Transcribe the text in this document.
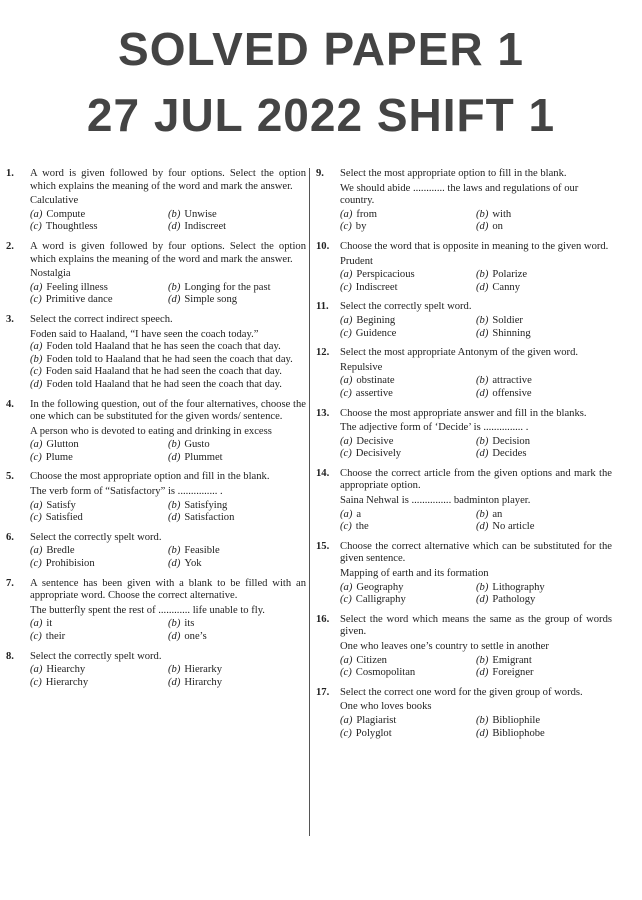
SOLVED PAPER 1
27 JUL 2022 SHIFT 1
1. A word is given followed by four options. Select the option which explains the meaning of the word and mark the answer.
Calculative
(a) Compute	(b) Unwise
(c) Thoughtless	(d) Indiscreet
2. A word is given followed by four options. Select the option which explains the meaning of the word and mark the answer.
Nostalgia
(a) Feeling illness	(b) Longing for the past
(c) Primitive dance	(d) Simple song
3. Select the correct indirect speech.
Foden said to Haaland, “I have seen the coach today.”
(a) Foden told Haaland that he has seen the coach that day.
(b) Foden told to Haaland that he had seen the coach that day.
(c) Foden said Haaland that he had seen the coach that day.
(d) Foden told Haaland that he had seen the coach that day.
4. In the following question, out of the four alternatives, choose the one which can be substituted for the given words/ sentence.
A person who is devoted to eating and drinking in excess
(a) Glutton	(b) Gusto
(c) Plume	(d) Plummet
5. Choose the most appropriate option and fill in the blank.
The verb form of “Satisfactory” is ............... .
(a) Satisfy	(b) Satisfying
(c) Satisfied	(d) Satisfaction
6. Select the correctly spelt word.
(a) Bredle	(b) Feasible
(c) Prohibision	(d) Yok
7. A sentence has been given with a blank to be filled with an appropriate word. Choose the correct alternative.
The butterfly spent the rest of ............ life unable to fly.
(a) it	(b) its
(c) their	(d) one’s
8. Select the correctly spelt word.
(a) Hiearchy	(b) Hierarky
(c) Hierarchy	(d) Hirarchy
9. Select the most appropriate option to fill in the blank.
We should abide ............ the laws and regulations of our country.
(a) from	(b) with
(c) by	(d) on
10. Choose the word that is opposite in meaning to the given word.
Prudent
(a) Perspicacious	(b) Polarize
(c) Indiscreet	(d) Canny
11. Select the correctly spelt word.
(a) Begining	(b) Soldier
(c) Guidence	(d) Shinning
12. Select the most appropriate Antonym of the given word.
Repulsive
(a) obstinate	(b) attractive
(c) assertive	(d) offensive
13. Choose the most appropriate answer and fill in the blanks.
The adjective form of ‘Decide’ is ............... .
(a) Decisive	(b) Decision
(c) Decisively	(d) Decides
14. Choose the correct article from the given options and mark the appropriate option.
Saina Nehwal is ............... badminton player.
(a) a	(b) an
(c) the	(d) No article
15. Choose the correct alternative which can be substituted for the given sentence.
Mapping of earth and its formation
(a) Geography	(b) Lithography
(c) Calligraphy	(d) Pathology
16. Select the word which means the same as the group of words given.
One who leaves one’s country to settle in another
(a) Citizen	(b) Emigrant
(c) Cosmopolitan	(d) Foreigner
17. Select the correct one word for the given group of words.
One who loves books
(a) Plagiarist	(b) Bibliophile
(c) Polyglot	(d) Bibliophobe
